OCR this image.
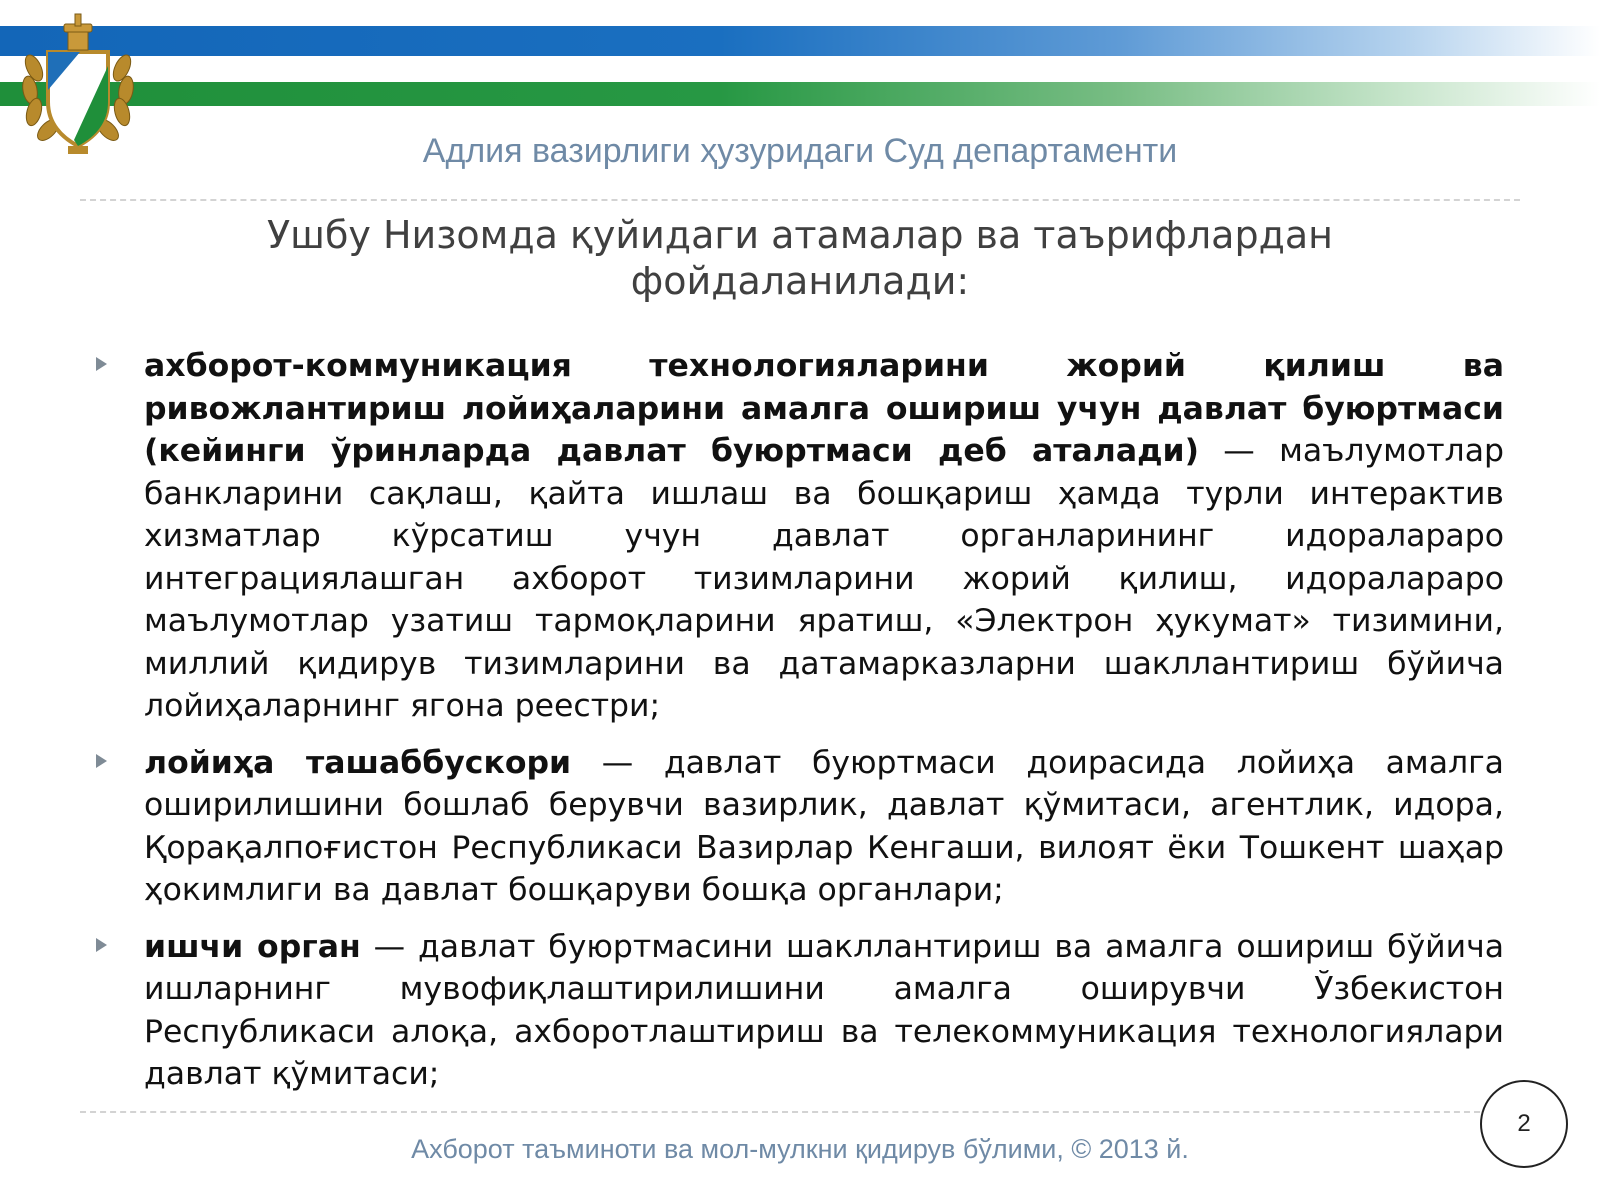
Адлия вазирлиги ҳузуридаги Суд департаменти
Ушбу Низомда қуйидаги атамалар ва таърифлардан фойдаланилади:
ахборот-коммуникация технологияларини жорий қилиш ва ривожлантириш лойиҳаларини амалга ошириш учун давлат буюртмаси (кейинги ўринларда давлат буюртмаси деб аталади) — маълумотлар банкларини сақлаш, қайта ишлаш ва бошқариш ҳамда турли интерактив хизматлар кўрсатиш учун давлат органларининг идоралараро интеграциялашган ахборот тизимларини жорий қилиш, идоралараро маълумотлар узатиш тармоқларини яратиш, «Электрон ҳукумат» тизимини, миллий қидирув тизимларини ва датамарказларни шакллантириш бўйича лойиҳаларнинг ягона реестри;
лойиҳа ташаббускори — давлат буюртмаси доирасида лойиҳа амалга оширилишини бошлаб берувчи вазирлик, давлат қўмитаси, агентлик, идора, Қорақалпоғистон Республикаси Вазирлар Кенгаши, вилоят ёки Тошкент шаҳар ҳокимлиги ва давлат бошқаруви бошқа органлари;
ишчи орган — давлат буюртмасини шакллантириш ва амалга ошириш бўйича ишларнинг мувофиқлаштирилишини амалга оширувчи Ўзбекистон Республикаси алоқа, ахборотлаштириш ва телекоммуникация технологиялари давлат қўмитаси;
Ахборот таъминоти ва мол-мулкни қидирув бўлими, © 2013 й.
2
